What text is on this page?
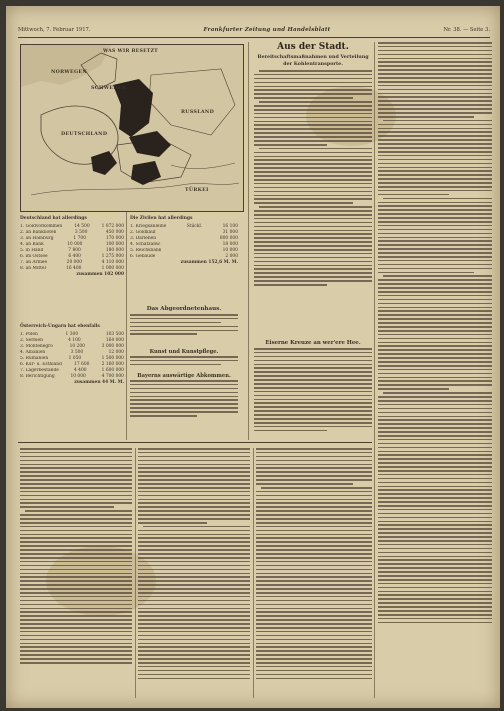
Mittwoch, 7. Februar 1917.	Frankfurter Zeitung und Handelsblatt	Nr. 38. — Seite 3.
WAS WIR BESETZT
NORWEGEN
SCHWEDEN
DEUTSCHLAND
RUSSLAND
TÜRKEI
Deutschland hat allerdings
1. Goldvorkommen	14 500	1 872 000
2. an Banknoten	3 500	450 000
3. an Hamburg	1 700	170 000
4. an Bank	10 000	100 000
5. in Hand	7 800	180 000
6. im Ostsee	6 400	1 275 000
7. an Armee	20 000	4 110 000
8. an Mittel	16 400	1 000 000
zusammen 102 000
Die Zivilen hat allerdings
1. Kriegsanleihe	Stückl.	16 100
2. Goldkauf	31 000
3. Darlehen	800 000
4. Schatzanw.	18 000
5. Reichsbank	10 000
6. Gebäude	2 000
zusammen 152,6 M. M.
Österreich-Ungarn hat ebenfalls
1. Polen	1 300	103 500
2. Serbien	4 100	164 000
3. Montenegro	10 200	3 000 000
4. Albanien	3 500	12 000
5. Rumänien	1 050	1 500 000
6. Kur- u. Esthland	17 600	2 160 000
7. Lagerbestände	4 400	1 600 000
8. Berichtigung	10 000	4 700 000
zusammen 44 M. M.
Das Abgeordnetenhaus.
Kunst und Kunstpflege.
Bayerns auswärtige Abkommen.
Aus der Stadt.
Bereitschaftsmaßnahmen und Verteilung
der Kohlentransporte.
Eiserne Kreuze an wer'ere Hee.
